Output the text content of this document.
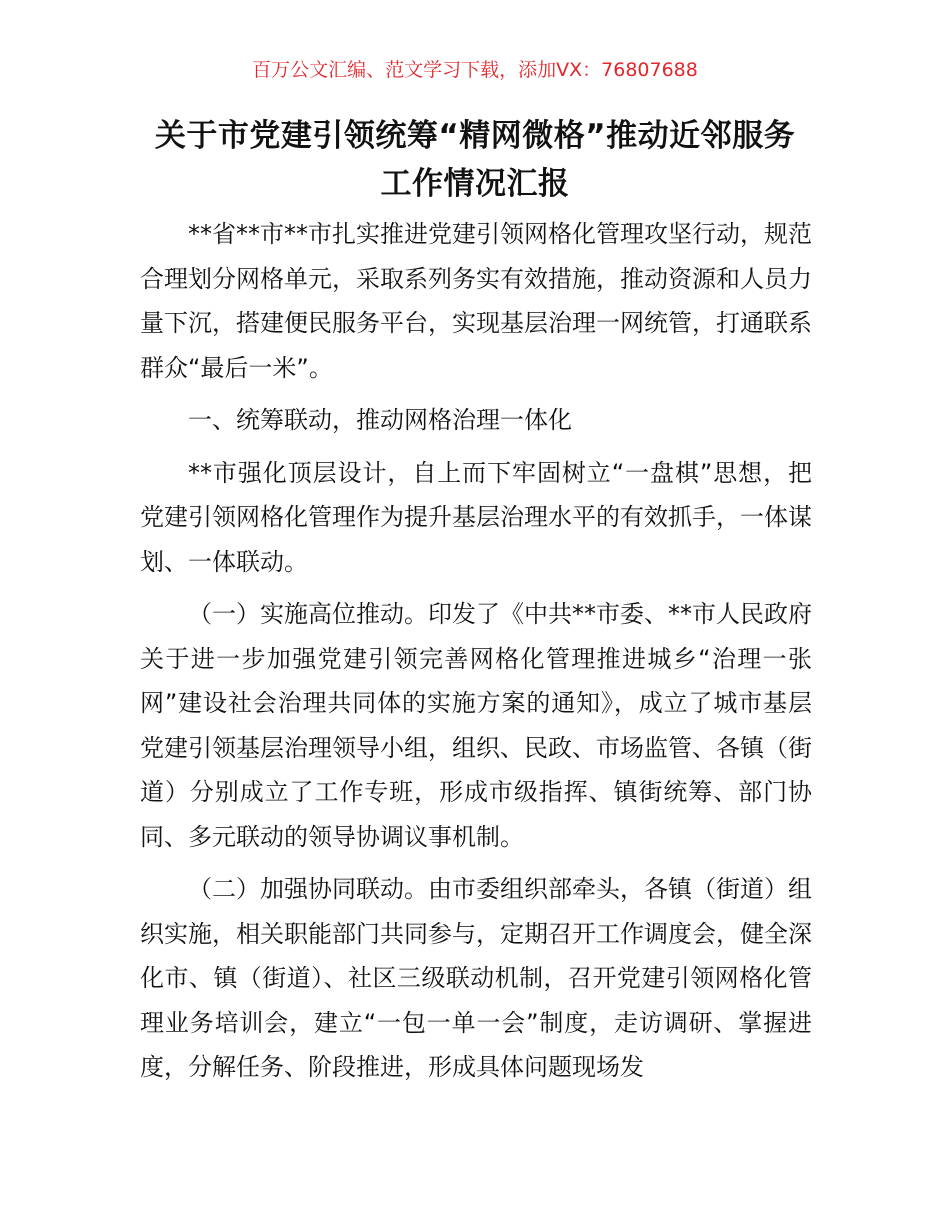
百万公文汇编、范文学习下载，添加VX：76807688
关于市党建引领统筹“精网微格”推动近邻服务工作情况汇报

**省**市**市扎实推进党建引领网格化管理攻坚行动，规范合理划分网格单元，采取系列务实有效措施，推动资源和人员力量下沉，搭建便民服务平台，实现基层治理一网统管，打通联系群众“最后一米”。

一、统筹联动，推动网格治理一体化

**市强化顶层设计，自上而下牢固树立“一盘棋”思想，把党建引领网格化管理作为提升基层治理水平的有效抓手，一体谋划、一体联动。

（一）实施高位推动。印发了《中共**市委、**市人民政府关于进一步加强党建引领完善网格化管理推进城乡“治理一张网”建设社会治理共同体的实施方案的通知》，成立了城市基层党建引领基层治理领导小组，组织、民政、市场监管、各镇（街道）分别成立了工作专班，形成市级指挥、镇街统筹、部门协同、多元联动的领导协调议事机制。

（二）加强协同联动。由市委组织部牵头，各镇（街道）组织实施，相关职能部门共同参与，定期召开工作调度会，健全深化市、镇（街道）、社区三级联动机制，召开党建引领网格化管理业务培训会，建立“一包一单一会”制度，走访调研、掌握进度，分解任务、阶段推进，形成具体问题现场发
